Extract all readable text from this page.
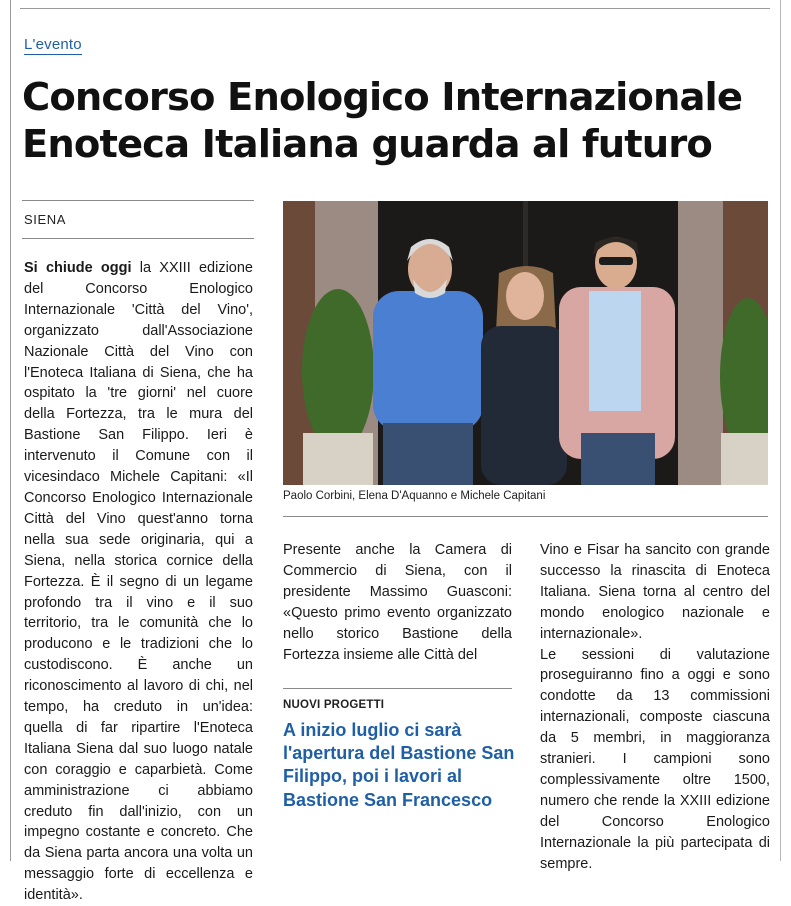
L'evento
Concorso Enologico Internazionale
Enoteca Italiana guarda al futuro
SIENA

Si chiude oggi la XXIII edizione del Concorso Enologico Internazionale 'Città del Vino', organizzato dall'Associazione Nazionale Città del Vino con l'Enoteca Italiana di Siena, che ha ospitato la 'tre giorni' nel cuore della Fortezza, tra le mura del Bastione San Filippo. Ieri è intervenuto il Comune con il vicesindaco Michele Capitani: «Il Concorso Enologico Internazionale Città del Vino quest'anno torna nella sua sede originaria, qui a Siena, nella storica cornice della Fortezza. È il segno di un legame profondo tra il vino e il suo territorio, tra le comunità che lo producono e le tradizioni che lo custodiscono. È anche un riconoscimento al lavoro di chi, nel tempo, ha creduto in un'idea: quella di far ripartire l'Enoteca Italiana Siena dal suo luogo natale con coraggio e caparbietà. Come amministrazione ci abbiamo creduto fin dall'inizio, con un impegno costante e concreto. Che da Siena parta ancora una volta un messaggio forte di eccellenza e identità».

Paolo Corbini, Elena D'Aquanno e Michele Capitani

Presente anche la Camera di Commercio di Siena, con il presidente Massimo Guasconi: «Questo primo evento organizzato nello storico Bastione della Fortezza insieme alle Città del

NUOVI PROGETTI
A inizio luglio ci sarà l'apertura del Bastione San Filippo, poi i lavori al Bastione San Francesco

Vino e Fisar ha sancito con grande successo la rinascita di Enoteca Italiana. Siena torna al centro del mondo enologico nazionale e internazionale».

Le sessioni di valutazione proseguiranno fino a oggi e sono condotte da 13 commissioni internazionali, composte ciascuna da 5 membri, in maggioranza stranieri. I campioni sono complessivamente oltre 1500, numero che rende la XXIII edizione del Concorso Enologico Internazionale la più partecipata di sempre.
